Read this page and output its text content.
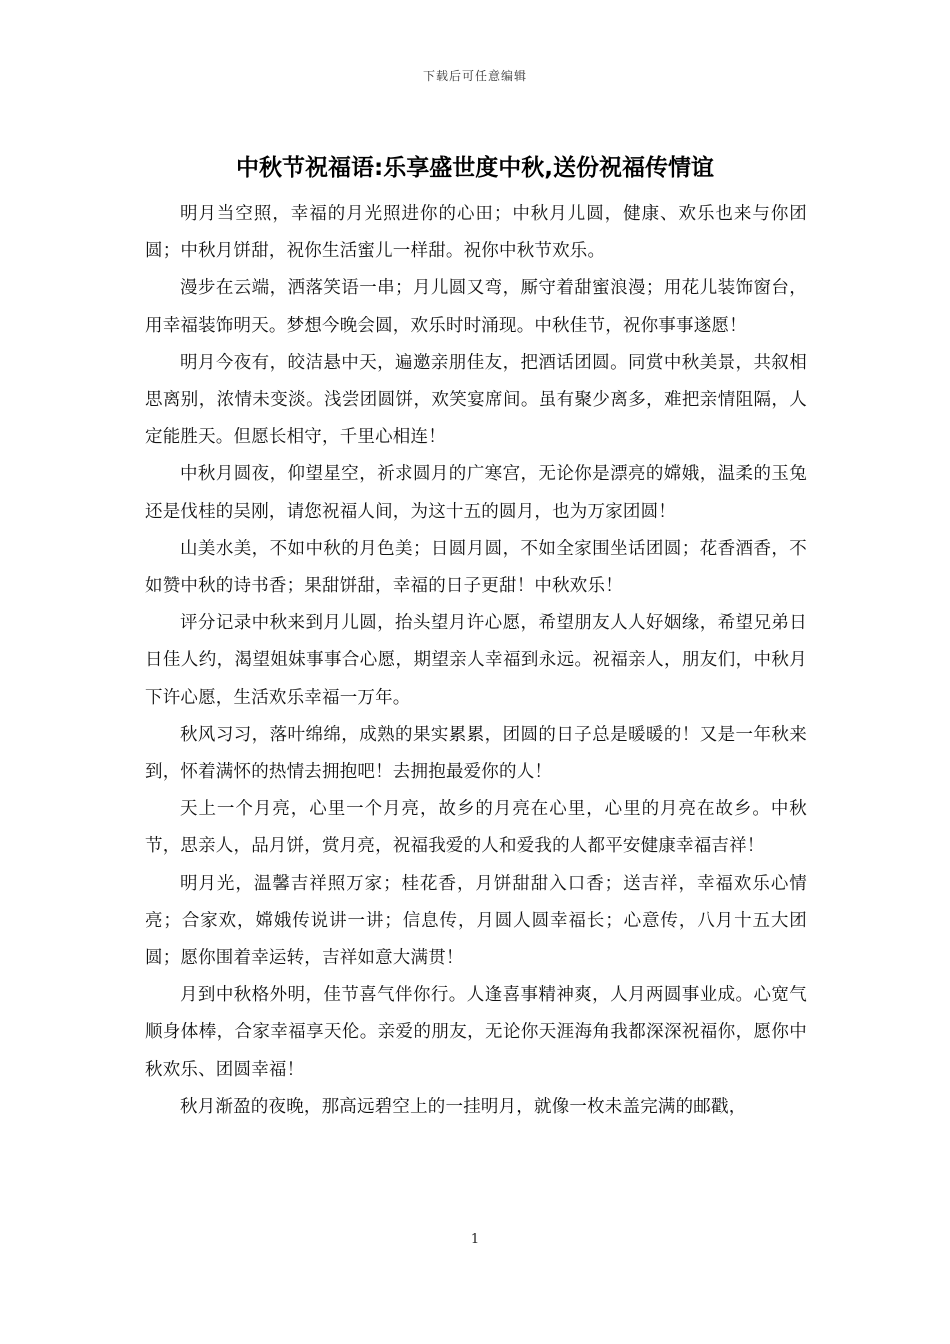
下载后可任意编辑
中秋节祝福语:乐享盛世度中秋,送份祝福传情谊

明月当空照，幸福的月光照进你的心田；中秋月儿圆，健康、欢乐也来与你团圆；中秋月饼甜，祝你生活蜜儿一样甜。祝你中秋节欢乐。

漫步在云端，洒落笑语一串；月儿圆又弯，厮守着甜蜜浪漫；用花儿装饰窗台，用幸福装饰明天。梦想今晚会圆，欢乐时时涌现。中秋佳节，祝你事事遂愿！

明月今夜有，皎洁悬中天，遍邀亲朋佳友，把酒话团圆。同赏中秋美景，共叙相思离别，浓情未变淡。浅尝团圆饼，欢笑宴席间。虽有聚少离多，难把亲情阻隔，人定能胜天。但愿长相守，千里心相连！

中秋月圆夜，仰望星空，祈求圆月的广寒宫，无论你是漂亮的嫦娥，温柔的玉兔还是伐桂的吴刚，请您祝福人间，为这十五的圆月，也为万家团圆！

山美水美，不如中秋的月色美；日圆月圆，不如全家围坐话团圆；花香酒香，不如赞中秋的诗书香；果甜饼甜，幸福的日子更甜！中秋欢乐！

评分记录中秋来到月儿圆，抬头望月许心愿，希望朋友人人好姻缘，希望兄弟日日佳人约，渴望姐妹事事合心愿，期望亲人幸福到永远。祝福亲人，朋友们，中秋月下许心愿，生活欢乐幸福一万年。

秋风习习，落叶绵绵，成熟的果实累累，团圆的日子总是暖暖的！又是一年秋来到，怀着满怀的热情去拥抱吧！去拥抱最爱你的人！

天上一个月亮，心里一个月亮，故乡的月亮在心里，心里的月亮在故乡。中秋节，思亲人，品月饼，赏月亮，祝福我爱的人和爱我的人都平安健康幸福吉祥！

明月光，温馨吉祥照万家；桂花香，月饼甜甜入口香；送吉祥，幸福欢乐心情亮；合家欢，嫦娥传说讲一讲；信息传，月圆人圆幸福长；心意传，八月十五大团圆；愿你围着幸运转，吉祥如意大满贯！

月到中秋格外明，佳节喜气伴你行。人逢喜事精神爽，人月两圆事业成。心宽气顺身体棒，合家幸福享天伦。亲爱的朋友，无论你天涯海角我都深深祝福你，愿你中秋欢乐、团圆幸福！

秋月渐盈的夜晚，那高远碧空上的一挂明月，就像一枚未盖完满的邮戳，

1
